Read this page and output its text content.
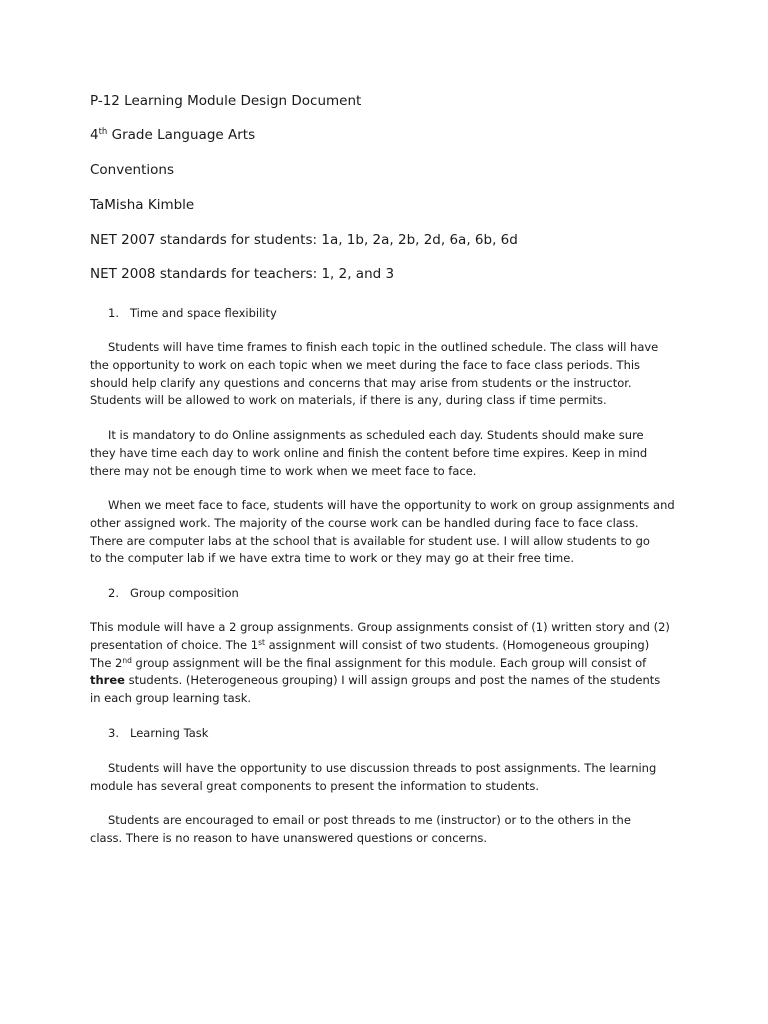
P-12 Learning Module Design Document
4th Grade Language Arts
Conventions
TaMisha Kimble
NET 2007 standards for students: 1a, 1b, 2a, 2b, 2d, 6a, 6b, 6d
NET 2008 standards for teachers: 1, 2, and 3
1. Time and space flexibility
Students will have time frames to finish each topic in the outlined schedule. The class will have
the opportunity to work on each topic when we meet during the face to face class periods. This
should help clarify any questions and concerns that may arise from students or the instructor.
Students will be allowed to work on materials, if there is any, during class if time permits.
It is mandatory to do Online assignments as scheduled each day. Students should make sure
they have time each day to work online and finish the content before time expires. Keep in mind
there may not be enough time to work when we meet face to face.
When we meet face to face, students will have the opportunity to work on group assignments and
other assigned work. The majority of the course work can be handled during face to face class.
There are computer labs at the school that is available for student use. I will allow students to go
to the computer lab if we have extra time to work or they may go at their free time.
2. Group composition
This module will have a 2 group assignments. Group assignments consist of (1) written story and (2)
presentation of choice. The 1st assignment will consist of two students. (Homogeneous grouping)
The 2nd group assignment will be the final assignment for this module. Each group will consist of
three students. (Heterogeneous grouping) I will assign groups and post the names of the students
in each group learning task.
3. Learning Task
Students will have the opportunity to use discussion threads to post assignments. The learning
module has several great components to present the information to students.
Students are encouraged to email or post threads to me (instructor) or to the others in the
class. There is no reason to have unanswered questions or concerns.
